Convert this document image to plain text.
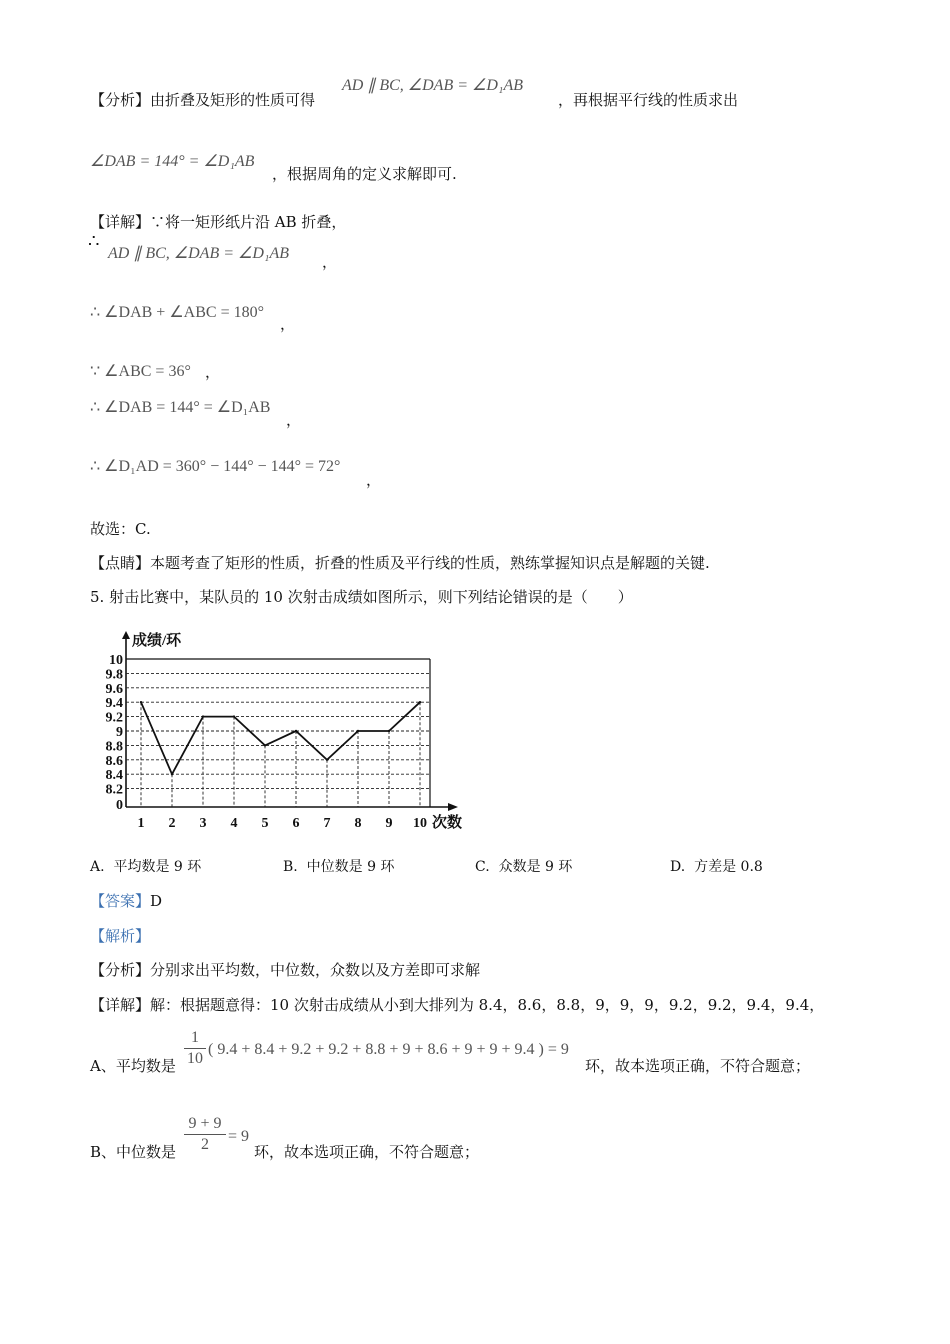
【分析】由折叠及矩形的性质可得
AD ∥ BC, ∠DAB = ∠D₁AB
，再根据平行线的性质求出
∠DAB = 144° = ∠D₁AB
，根据周角的定义求解即可.
【详解】∵将一矩形纸片沿 AB 折叠，
∴
AD ∥ BC, ∠DAB = ∠D₁AB ，
∴ ∠DAB + ∠ABC = 180°
，
∵ ∠ABC = 36° ，
∴ ∠DAB = 144° = ∠D₁AB
，
∴ ∠D₁AD = 360° − 144° − 144° = 72°
，
故选：C.
【点睛】本题考查了矩形的性质，折叠的性质及平行线的性质，熟练掌握知识点是解题的关键.
5. 射击比赛中，某队员的 10 次射击成绩如图所示，则下列结论错误的是（　　）
0
8.2
8.4
8.6
8.8
9
9.2
9.4
9.6
9.8
10
1 2 3 4 5 6 7 8 9 10
成绩/环
次数
A. 平均数是 9 环	B. 中位数是 9 环	C. 众数是 9 环	D. 方差是 0.8
【答案】D
【解析】
【分析】分别求出平均数，中位数，众数以及方差即可求解
【详解】解：根据题意得：10 次射击成绩从小到大排列为 8.4，8.6，8.8，9，9，9，9.2，9.2，9.4，9.4，
A、平均数是 $\frac{1}{10}$ ( 9.4 + 8.4 + 9.2 + 9.2 + 8.8 + 9 + 8.6 + 9 + 9 + 9.4 ) = 9
环，故本选项正确，不符合题意；
B、中位数是 $\frac{9 + 9}{2} = 9$
环，故本选项正确，不符合题意；
